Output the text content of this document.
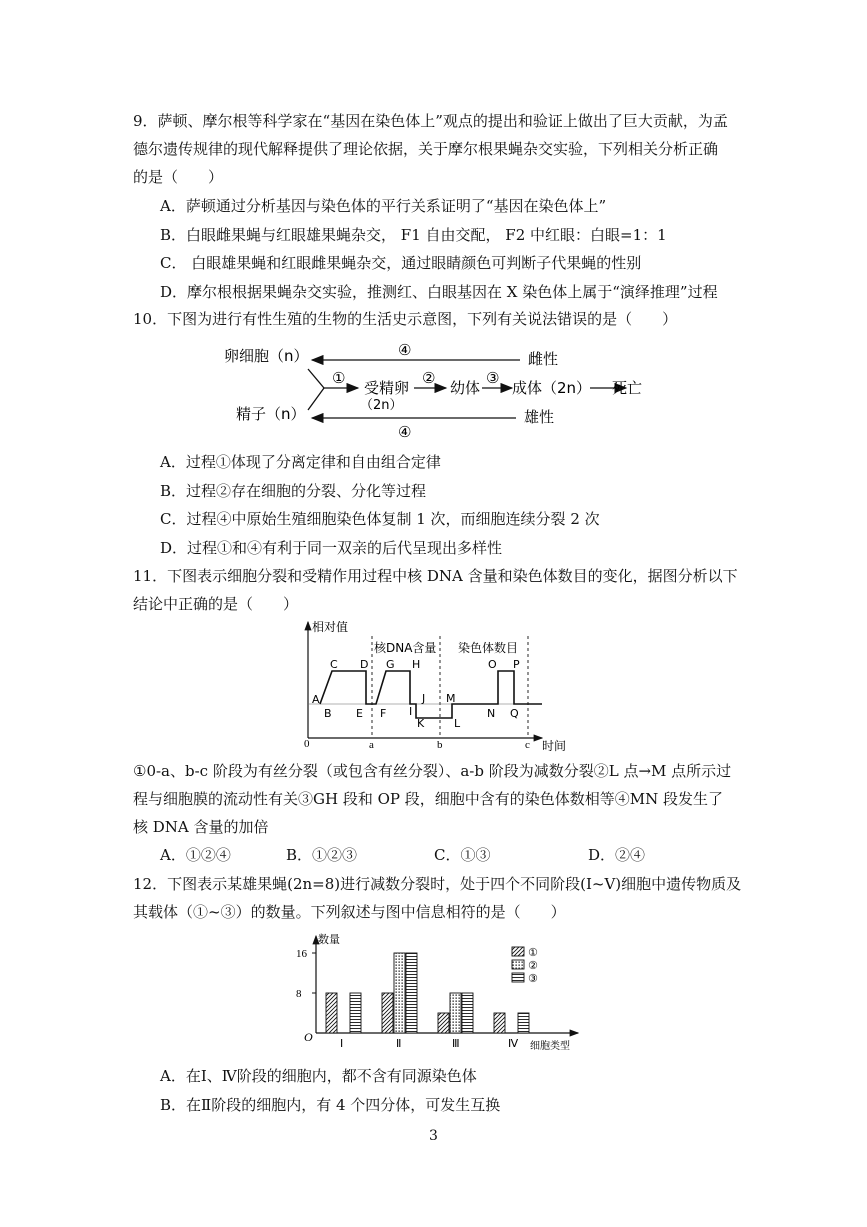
9．萨顿、摩尔根等科学家在“基因在染色体上”观点的提出和验证上做出了巨大贡献，为孟
德尔遗传规律的现代解释提供了理论依据，关于摩尔根果蝇杂交实验，下列相关分析正确
的是（　　）
A．萨顿通过分析基因与染色体的平行关系证明了“基因在染色体上”
B．白眼雌果蝇与红眼雄果蝇杂交， F1 自由交配， F2 中红眼：白眼=1：1
C． 白眼雄果蝇和红眼雌果蝇杂交，通过眼睛颜色可判断子代果蝇的性别
D．摩尔根根据果蝇杂交实验，推测红、白眼基因在 X 染色体上属于“演绎推理”过程
10．下图为进行有性生殖的生物的生活史示意图，下列有关说法错误的是（　　）
卵细胞（n）
精子（n）
雌性
雄性
④
④
①
受精卵
（2n）
②
幼体
③
成体（2n） 死亡
A．过程①体现了分离定律和自由组合定律
B．过程②存在细胞的分裂、分化等过程
C．过程④中原始生殖细胞染色体复制 1 次，而细胞连续分裂 2 次
D．过程①和④有利于同一双亲的后代呈现出多样性
11．下图表示细胞分裂和受精作用过程中核 DNA 含量和染色体数目的变化，据图分析以下
结论中正确的是（　　）
相对值
时间
0
核DNA含量 染色体数目
a	b	c
A
B
C D
E F
G H
I
J
K	L
M
N
O P
Q
①0-a、b-c 阶段为有丝分裂（或包含有丝分裂）、a-b 阶段为减数分裂②L 点→M 点所示过
程与细胞膜的流动性有关③GH 段和 OP 段，细胞中含有的染色体数相等④MN 段发生了
核 DNA 含量的加倍
A．①②④	B．①②③	C．①③	D．②④
12．下图表示某雄果蝇(2n=8)进行减数分裂时，处于四个不同阶段(Ⅰ~Ⅴ)细胞中遗传物质及
其载体（①~③）的数量。下列叙述与图中信息相符的是（　　）
数量
细胞类型
O
8
16
Ⅰ	Ⅱ	Ⅲ	Ⅳ
①
②
③
A．在Ⅰ、Ⅳ阶段的细胞内，都不含有同源染色体
B．在Ⅱ阶段的细胞内，有 4 个四分体，可发生互换
3
